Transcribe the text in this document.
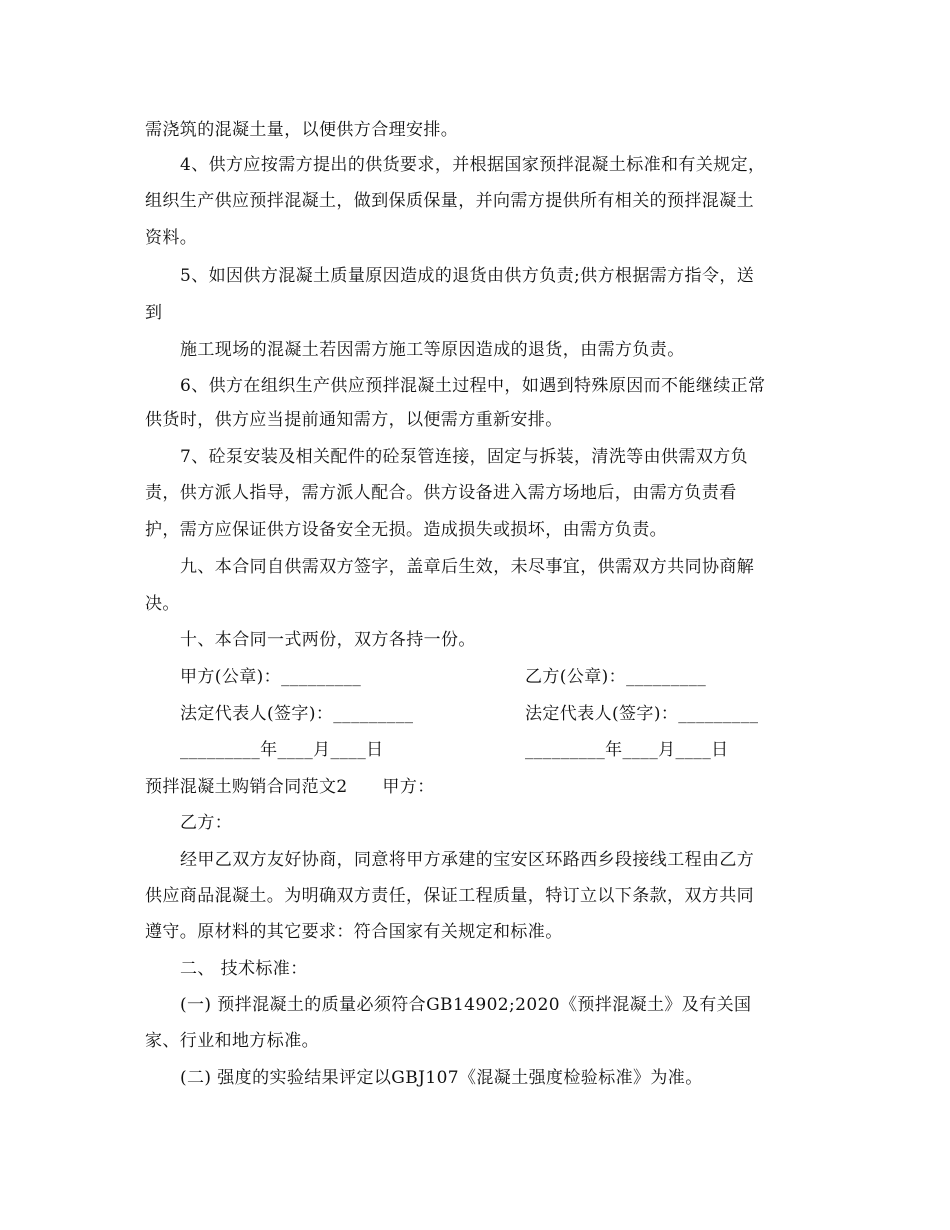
需浇筑的混凝土量，以便供方合理安排。
4、供方应按需方提出的供货要求，并根据国家预拌混凝土标准和有关规定，
组织生产供应预拌混凝土，做到保质保量，并向需方提供所有相关的预拌混凝土
资料。
5、如因供方混凝土质量原因造成的退货由供方负责;供方根据需方指令，送
到
施工现场的混凝土若因需方施工等原因造成的退货，由需方负责。
6、供方在组织生产供应预拌混凝土过程中，如遇到特殊原因而不能继续正常
供货时，供方应当提前通知需方，以便需方重新安排。
7、砼泵安装及相关配件的砼泵管连接，固定与拆装，清洗等由供需双方负
责，供方派人指导，需方派人配合。供方设备进入需方场地后，由需方负责看
护，需方应保证供方设备安全无损。造成损失或损坏，由需方负责。
九、本合同自供需双方签字，盖章后生效，未尽事宜，供需双方共同协商解
决。
十、本合同一式两份，双方各持一份。
甲方(公章)：_________	乙方(公章)：_________
法定代表人(签字)：_________	法定代表人(签字)：_________
_________年____月____日	_________年____月____日
预拌混凝土购销合同范文2　　甲方：
乙方：
经甲乙双方友好协商，同意将甲方承建的宝安区环路西乡段接线工程由乙方
供应商品混凝土。为明确双方责任，保证工程质量，特订立以下条款，双方共同
遵守。原材料的其它要求：符合国家有关规定和标准。
二、 技术标准：
(一) 预拌混凝土的质量必须符合GB14902;2020《预拌混凝土》及有关国
家、行业和地方标准。
(二) 强度的实验结果评定以GBJ107《混凝土强度检验标准》为准。
